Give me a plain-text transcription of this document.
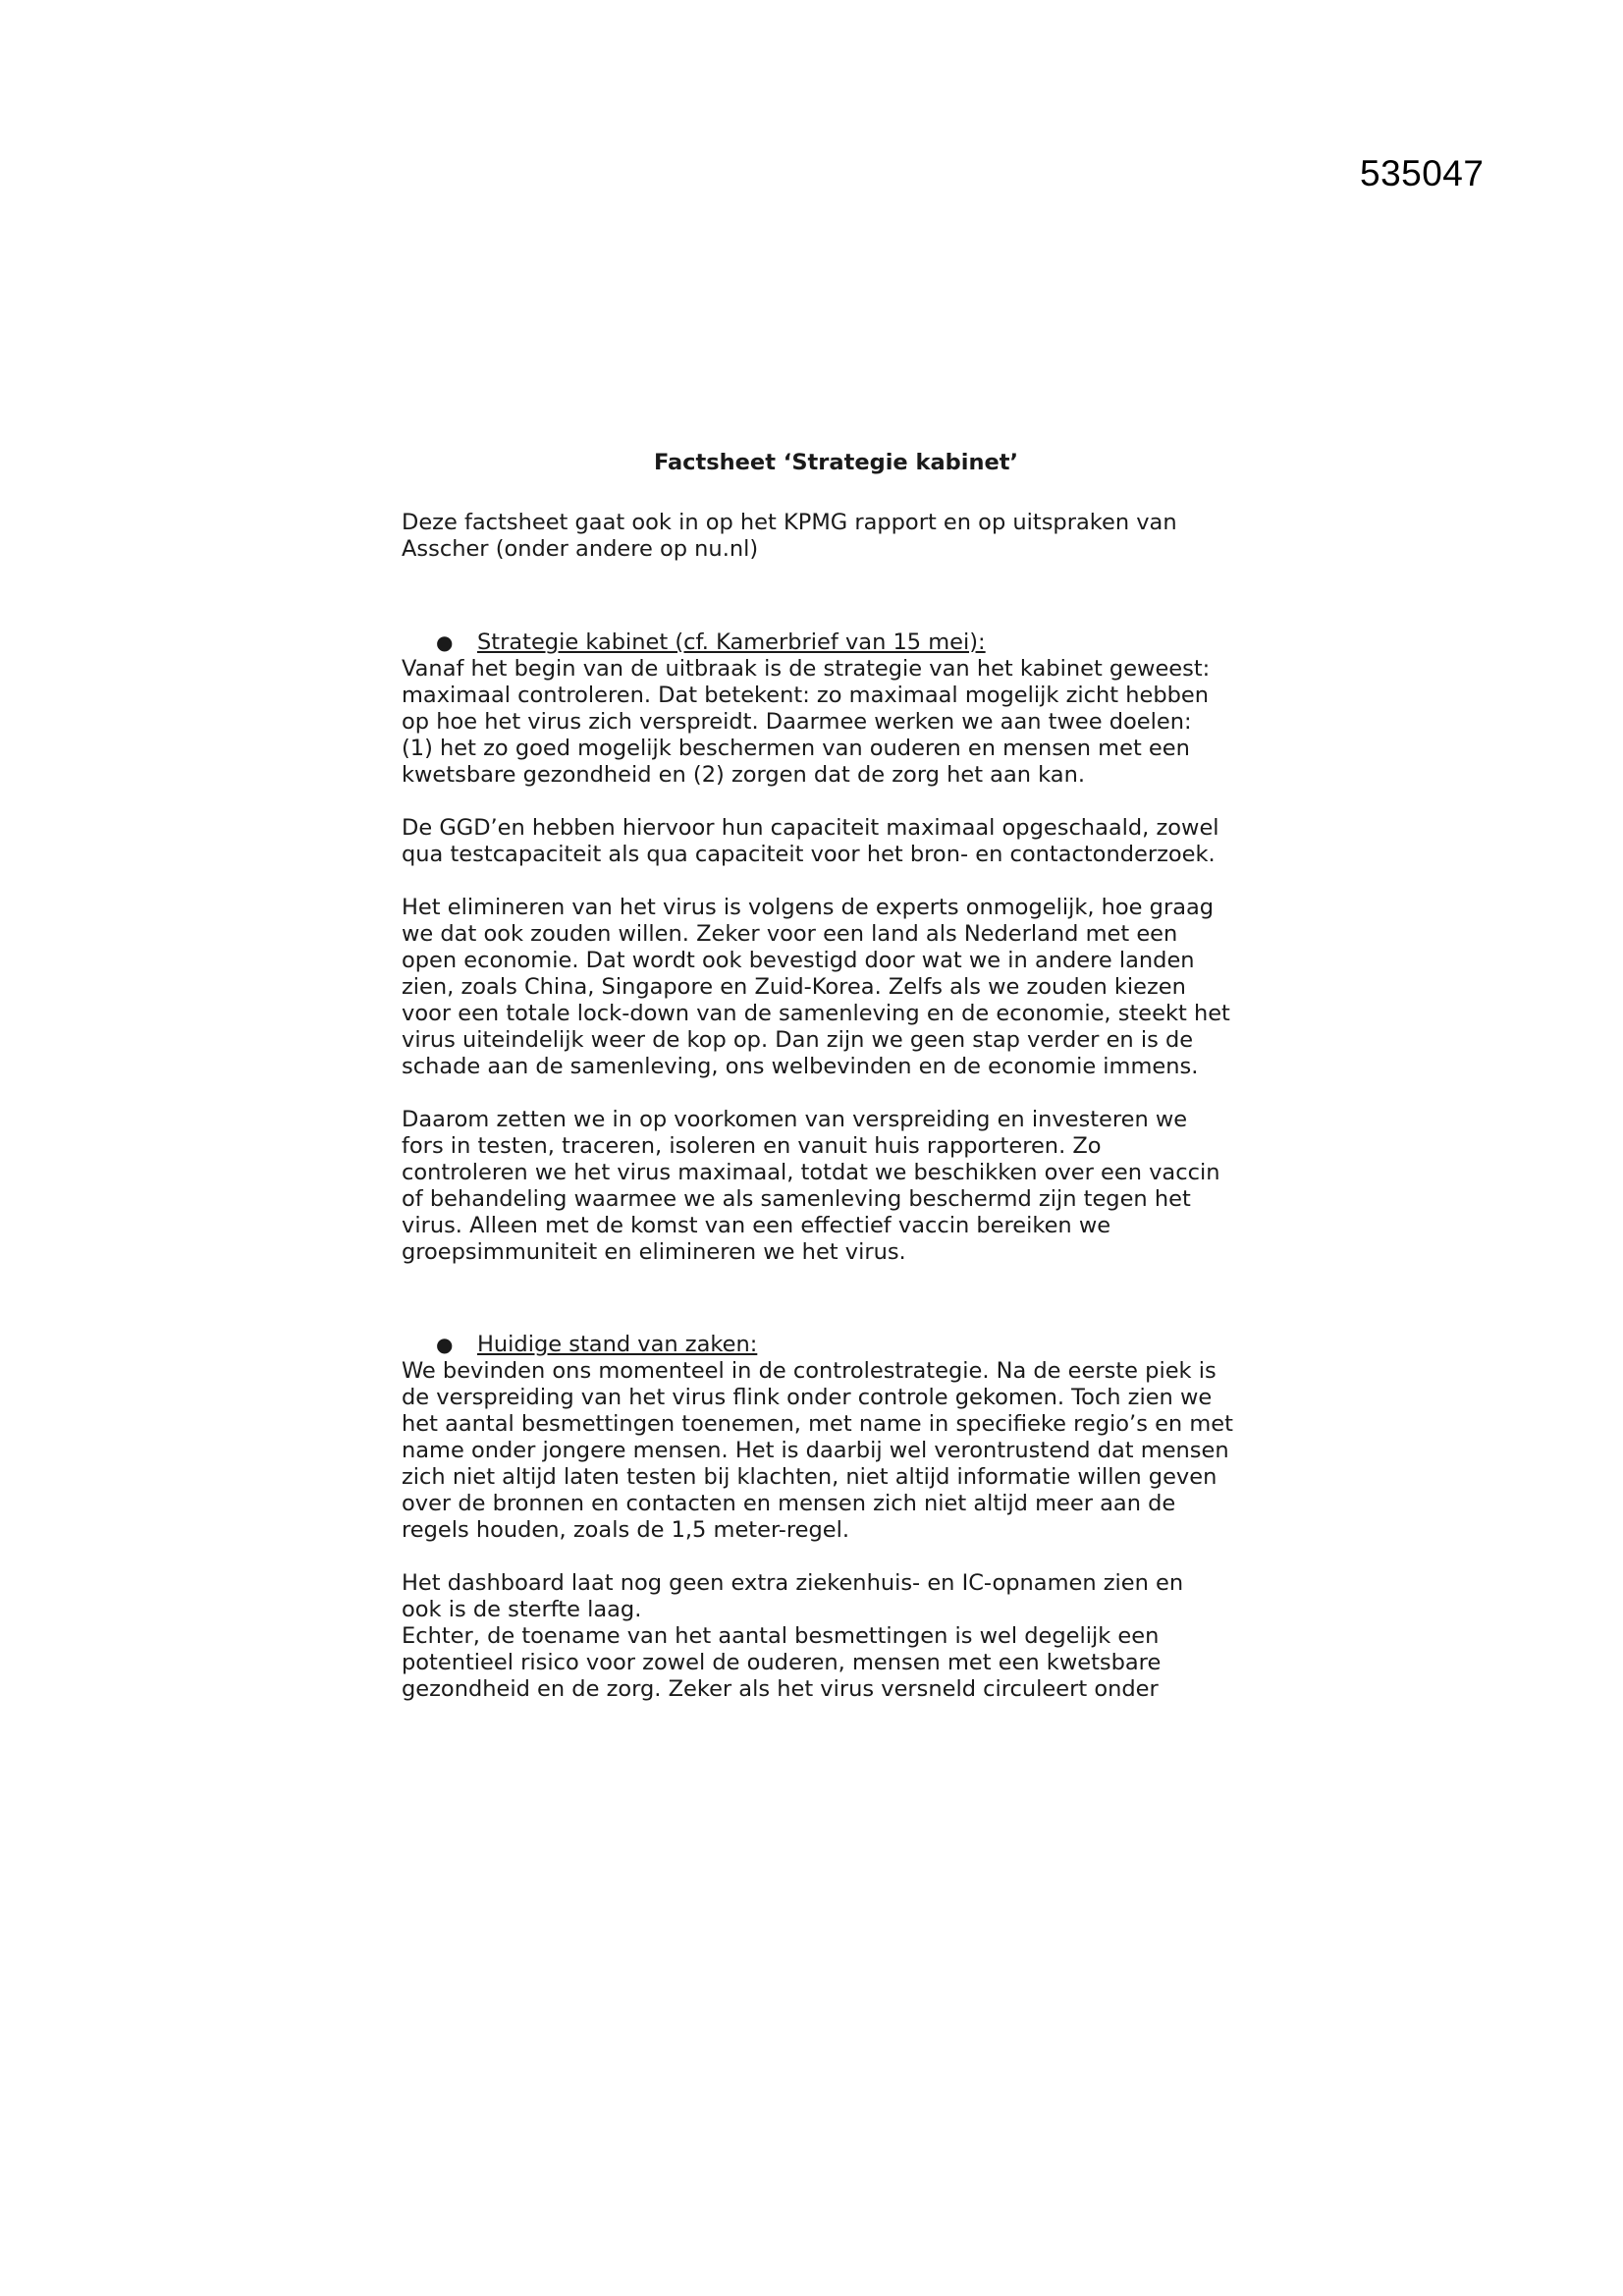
535047
Factsheet ‘Strategie kabinet’

Deze factsheet gaat ook in op het KPMG rapport en op uitspraken van
Asscher (onder andere op nu.nl)

●	Strategie kabinet (cf. Kamerbrief van 15 mei):

Vanaf het begin van de uitbraak is de strategie van het kabinet geweest:
maximaal controleren. Dat betekent: zo maximaal mogelijk zicht hebben
op hoe het virus zich verspreidt. Daarmee werken we aan twee doelen:
(1) het zo goed mogelijk beschermen van ouderen en mensen met een
kwetsbare gezondheid en (2) zorgen dat de zorg het aan kan.

De GGD’en hebben hiervoor hun capaciteit maximaal opgeschaald, zowel
qua testcapaciteit als qua capaciteit voor het bron- en contactonderzoek.

Het elimineren van het virus is volgens de experts onmogelijk, hoe graag
we dat ook zouden willen. Zeker voor een land als Nederland met een
open economie. Dat wordt ook bevestigd door wat we in andere landen
zien, zoals China, Singapore en Zuid-Korea. Zelfs als we zouden kiezen
voor een totale lock-down van de samenleving en de economie, steekt het
virus uiteindelijk weer de kop op. Dan zijn we geen stap verder en is de
schade aan de samenleving, ons welbevinden en de economie immens.

Daarom zetten we in op voorkomen van verspreiding en investeren we
fors in testen, traceren, isoleren en vanuit huis rapporteren. Zo
controleren we het virus maximaal, totdat we beschikken over een vaccin
of behandeling waarmee we als samenleving beschermd zijn tegen het
virus. Alleen met de komst van een effectief vaccin bereiken we
groepsimmuniteit en elimineren we het virus.

●	Huidige stand van zaken:

We bevinden ons momenteel in de controlestrategie. Na de eerste piek is
de verspreiding van het virus flink onder controle gekomen. Toch zien we
het aantal besmettingen toenemen, met name in specifieke regio’s en met
name onder jongere mensen. Het is daarbij wel verontrustend dat mensen
zich niet altijd laten testen bij klachten, niet altijd informatie willen geven
over de bronnen en contacten en mensen zich niet altijd meer aan de
regels houden, zoals de 1,5 meter-regel.

Het dashboard laat nog geen extra ziekenhuis- en IC-opnamen zien en
ook is de sterfte laag.

Echter, de toename van het aantal besmettingen is wel degelijk een
potentieel risico voor zowel de ouderen, mensen met een kwetsbare
gezondheid en de zorg. Zeker als het virus versneld circuleert onder
